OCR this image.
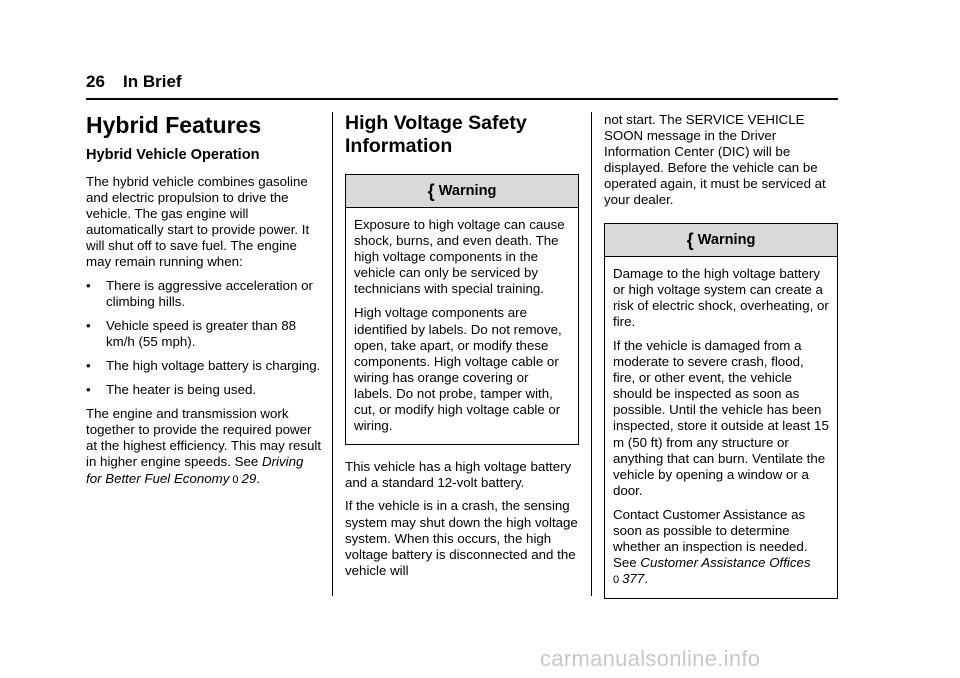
26 In Brief
Hybrid Features
Hybrid Vehicle Operation

The hybrid vehicle combines gasoline and electric propulsion to drive the vehicle. The gas engine will automatically start to provide power. It will shut off to save fuel. The engine may remain running when:

• There is aggressive acceleration or climbing hills.
• Vehicle speed is greater than 88 km/h (55 mph).
• The high voltage battery is charging.
• The heater is being used.

The engine and transmission work together to provide the required power at the highest efficiency. This may result in higher engine speeds. See Driving for Better Fuel Economy 0 29.

High Voltage Safety Information
{ Warning

Exposure to high voltage can cause shock, burns, and even death. The high voltage components in the vehicle can only be serviced by technicians with special training.

High voltage components are identified by labels. Do not remove, open, take apart, or modify these components. High voltage cable or wiring has orange covering or labels. Do not probe, tamper with, cut, or modify high voltage cable or wiring.

This vehicle has a high voltage battery and a standard 12-volt battery.

If the vehicle is in a crash, the sensing system may shut down the high voltage system. When this occurs, the high voltage battery is disconnected and the vehicle will

not start. The SERVICE VEHICLE SOON message in the Driver Information Center (DIC) will be displayed. Before the vehicle can be operated again, it must be serviced at your dealer.

{ Warning

Damage to the high voltage battery or high voltage system can create a risk of electric shock, overheating, or fire.

If the vehicle is damaged from a moderate to severe crash, flood, fire, or other event, the vehicle should be inspected as soon as possible. Until the vehicle has been inspected, store it outside at least 15 m (50 ft) from any structure or anything that can burn. Ventilate the vehicle by opening a window or a door.

Contact Customer Assistance as soon as possible to determine whether an inspection is needed. See Customer Assistance Offices
0 377.

carmanualsonline.info
